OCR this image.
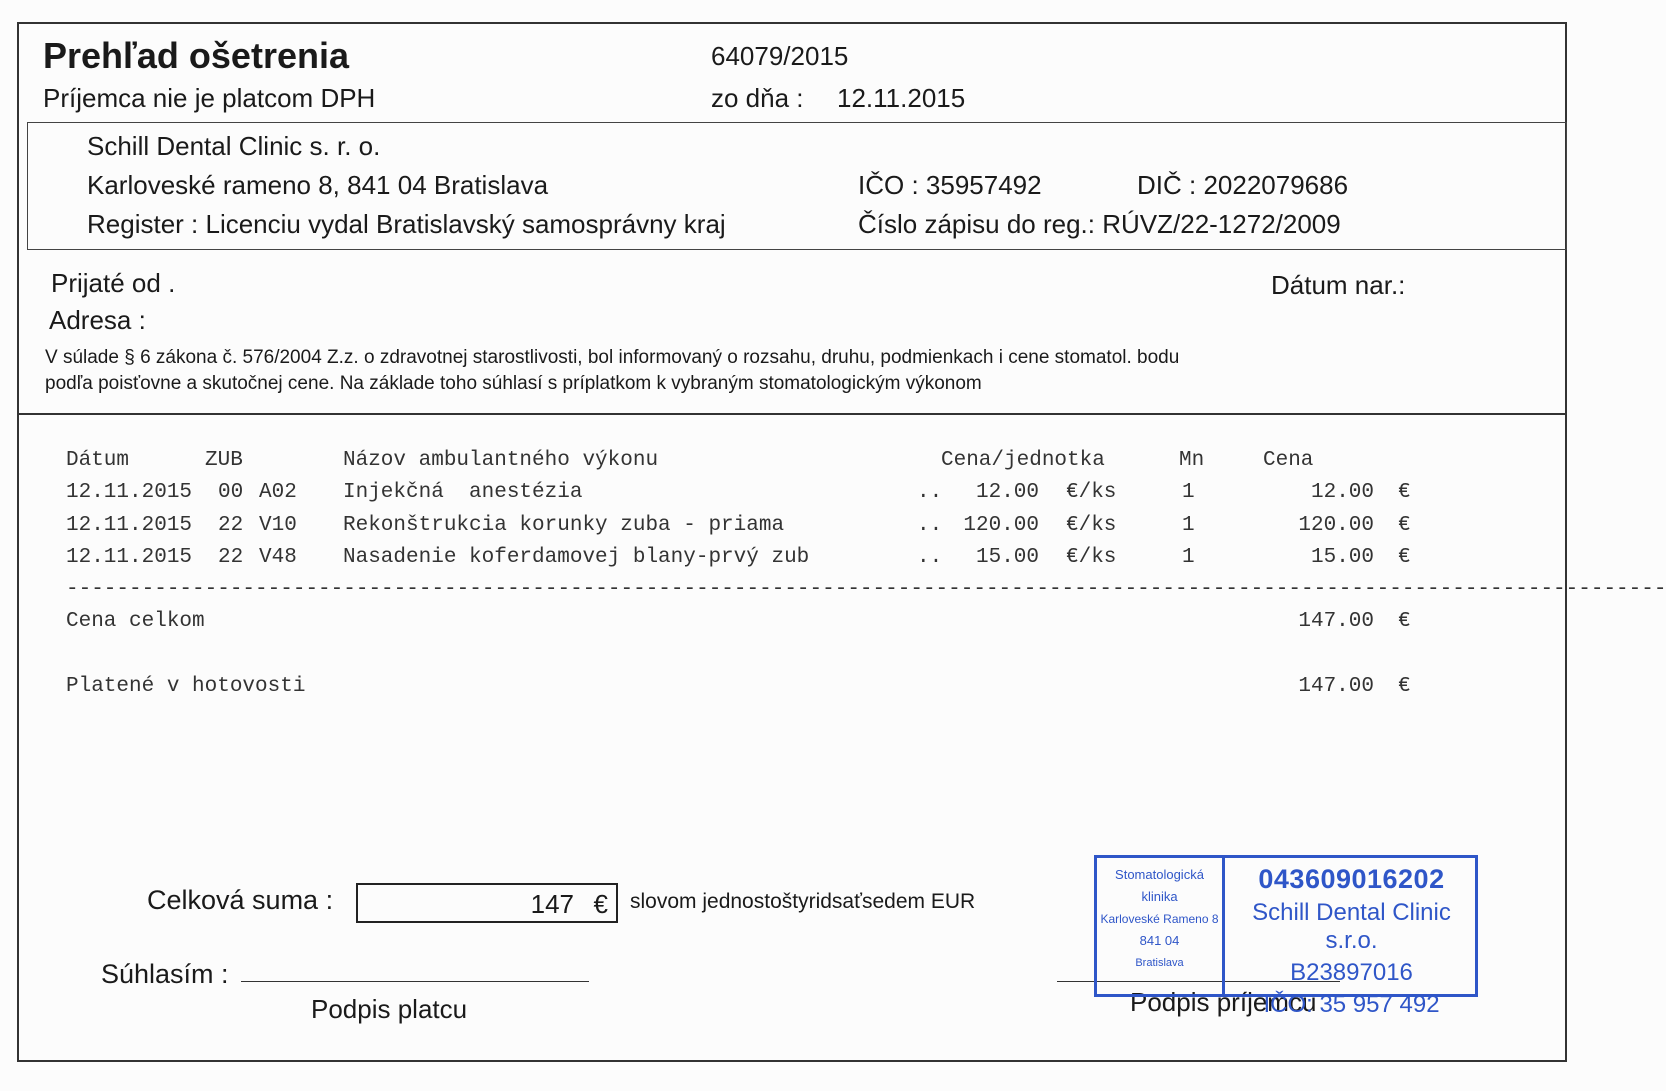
Prehľad ošetrenia
Príjemca nie je platcom DPH
64079/2015
zo dňa : 12.11.2015
Schill Dental Clinic s. r. o.
Karloveské rameno 8, 841 04 Bratislava
Register : Licenciu vydal Bratislavský samosprávny kraj
IČO : 35957492	DIČ : 2022079686
Číslo zápisu do reg.: RÚVZ/22-1272/2009
Prijaté od .
Adresa :
Dátum nar.:
V súlade § 6 zákona č. 576/2004 Z.z. o zdravotnej starostlivosti, bol informovaný o rozsahu, druhu, podmienkach i cene stomatol. bodu
podľa poisťovne a skutočnej cene. Na základe toho súhlasí s príplatkom k vybraným stomatologickým výkonom
Dátum	ZUB	Názov ambulantného výkonu	Cena/jednotka	Mn	Cena
12.11.2015 00 A02 Injekčná  anestézia	..	12.00 €/ks	1	12.00 €
12.11.2015 22 V10 Rekonštrukcia korunky zuba - priama	..	120.00 €/ks	1	120.00 €
12.11.2015 22 V48 Nasadenie koferdamovej blany-prvý zub	..	15.00 €/ks	1	15.00 €
-------------------------------------------------------------------------------------------------------------------------------
Cena celkom	147.00 €
Platené v hotovosti	147.00 €
Celková suma :	147 € slovom jednostoštyridsaťsedem EUR
Súhlasím :
Podpis platcu	Podpis príjemcu
Stomatologická
klinika
Karloveské Rameno 8
841 04
Bratislava
043609016202
Schill Dental Clinic s.r.o.
B23897016
IČO: 35 957 492
